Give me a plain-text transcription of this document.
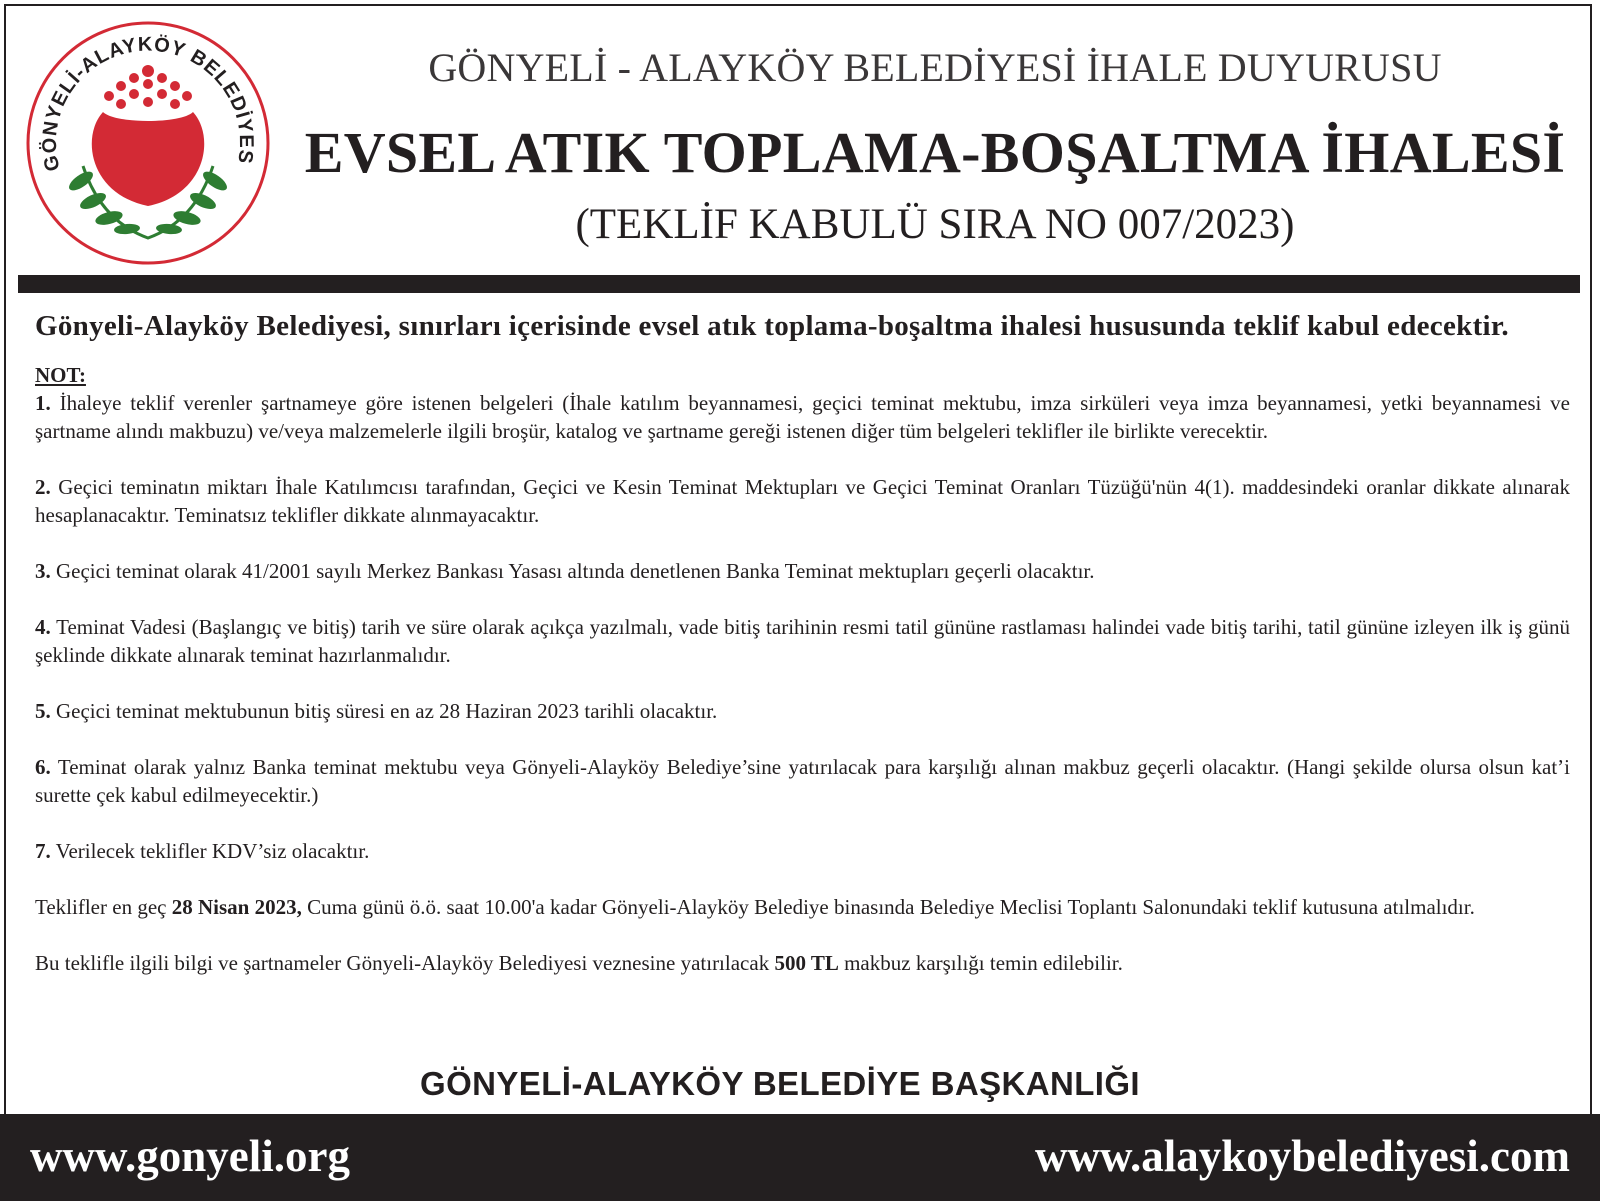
GÖNYELİ-ALAYKÖY BELEDİYES
GÖNYELİ - ALAYKÖY BELEDİYESİ İHALE DUYURUSU
EVSEL ATIK TOPLAMA-BOŞALTMA İHALESİ
(TEKLİF KABULÜ SIRA NO 007/2023)

Gönyeli-Alayköy Belediyesi, sınırları içerisinde evsel atık toplama-boşaltma ihalesi hususunda teklif kabul edecektir.

NOT:

1. İhaleye teklif verenler şartnameye göre istenen belgeleri (İhale katılım beyannamesi, geçici teminat mektubu, imza sirküleri veya imza beyannamesi, yetki beyannamesi ve şartname alındı makbuzu) ve/veya malzemelerle ilgili broşür, katalog ve şartname gereği istenen diğer tüm belgeleri teklifler ile birlikte verecektir.

2. Geçici teminatın miktarı İhale Katılımcısı tarafından, Geçici ve Kesin Teminat Mektupları ve Geçici Teminat Oranları Tüzüğü'nün 4(1). maddesindeki oranlar dikkate alınarak hesaplanacaktır. Teminatsız teklifler dikkate alınmayacaktır.

3. Geçici teminat olarak 41/2001 sayılı Merkez Bankası Yasası altında denetlenen Banka Teminat mektupları geçerli olacaktır.

4. Teminat Vadesi (Başlangıç ve bitiş) tarih ve süre olarak açıkça yazılmalı, vade bitiş tarihinin resmi tatil gününe rastlaması halindei vade bitiş tarihi, tatil gününe izleyen ilk iş günü şeklinde dikkate alınarak teminat hazırlanmalıdır.

5. Geçici teminat mektubunun bitiş süresi en az 28 Haziran 2023 tarihli olacaktır.

6. Teminat olarak yalnız Banka teminat mektubu veya Gönyeli-Alayköy Belediye’sine yatırılacak para karşılığı alınan makbuz geçerli olacaktır. (Hangi şekilde olursa olsun kat’i surette çek kabul edilmeyecektir.)

7. Verilecek teklifler KDV’siz olacaktır.

Teklifler en geç 28 Nisan 2023, Cuma günü ö.ö. saat 10.00'a kadar Gönyeli-Alayköy Belediye binasında Belediye Meclisi Toplantı Salonundaki teklif kutusuna atılmalıdır.

Bu teklifle ilgili bilgi ve şartnameler Gönyeli-Alayköy Belediyesi veznesine yatırılacak 500 TL makbuz karşılığı temin edilebilir.

GÖNYELİ-ALAYKÖY BELEDİYE BAŞKANLIĞI
www.gonyeli.org	www.alaykoybelediyesi.com
